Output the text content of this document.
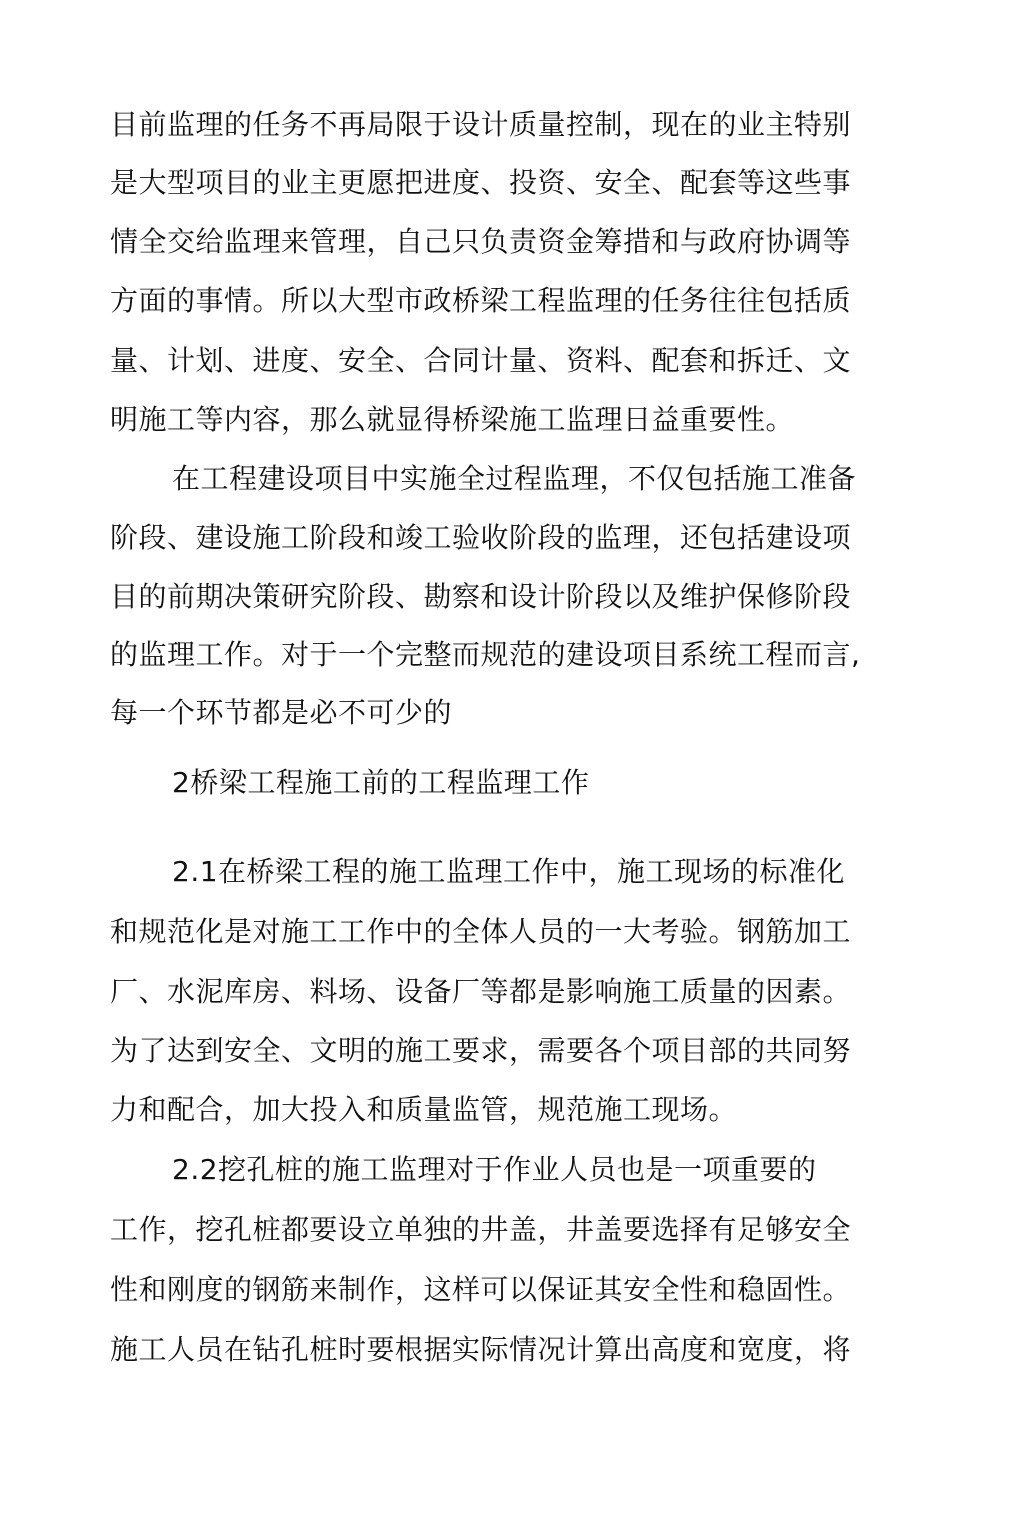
目前监理的任务不再局限于设计质量控制，现在的业主特别
是大型项目的业主更愿把进度、投资、安全、配套等这些事
情全交给监理来管理，自己只负责资金筹措和与政府协调等
方面的事情。所以大型市政桥梁工程监理的任务往往包括质
量、计划、进度、安全、合同计量、资料、配套和拆迁、文
明施工等内容，那么就显得桥梁施工监理日益重要性。
在工程建设项目中实施全过程监理，不仅包括施工准备
阶段、建设施工阶段和竣工验收阶段的监理，还包括建设项
目的前期决策研究阶段、勘察和设计阶段以及维护保修阶段
的监理工作。对于一个完整而规范的建设项目系统工程而言,
每一个环节都是必不可少的
2桥梁工程施工前的工程监理工作
2.1在桥梁工程的施工监理工作中，施工现场的标准化
和规范化是对施工工作中的全体人员的一大考验。钢筋加工
厂、水泥库房、料场、设备厂等都是影响施工质量的因素。
为了达到安全、文明的施工要求，需要各个项目部的共同努
力和配合，加大投入和质量监管，规范施工现场。
2.2挖孔桩的施工监理对于作业人员也是一项重要的
工作，挖孔桩都要设立单独的井盖，井盖要选择有足够安全
性和刚度的钢筋来制作，这样可以保证其安全性和稳固性。
施工人员在钻孔桩时要根据实际情况计算出高度和宽度，将
